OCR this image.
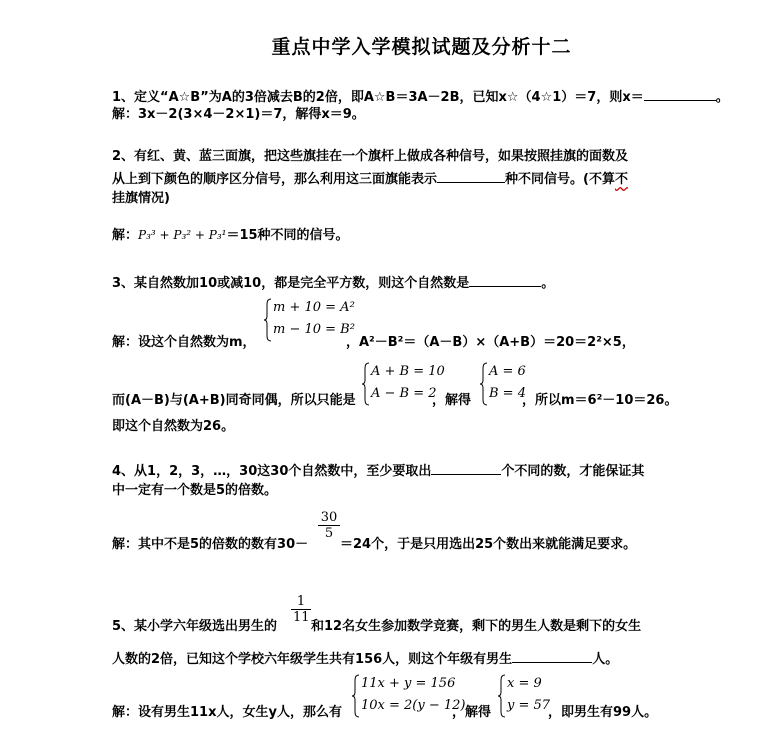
重点中学入学模拟试题及分析十二
1、定义“A☆B”为A的3倍减去B的2倍，即A☆B＝3A－2B，已知x☆（4☆1）＝7，则x＝	。
解：3x－2(3×4－2×1)＝7，解得x＝9。
2、有红、黄、蓝三面旗，把这些旗挂在一个旗杆上做成各种信号，如果按照挂旗的面数及
从上到下颜色的顺序区分信号，那么利用这三面旗能表示	种不同信号。(不算不
挂旗情况)
解：P₃³ + P₃² + P₃¹＝15种不同的信号。
3、某自然数加10或减10，都是完全平方数，则这个自然数是	。
解：设这个自然数为m，
m + 10 = A²
m − 10 = B²
，A²－B²＝（A－B）×（A+B）＝20＝2²×5，
而(A－B)与(A+B)同奇同偶，所以只能是
A + B = 10
A − B = 2
，解得
A = 6
B = 4
，所以m＝6²－10＝26。
即这个自然数为26。
4、从1，2，3，…，30这30个自然数中，至少要取出	个不同的数，才能保证其
中一定有一个数是5的倍数。
解：其中不是5的倍数的数有30－
30
5
＝24个，于是只用选出25个数出来就能满足要求。
5、某小学六年级选出男生的
1
11
和12名女生参加数学竞赛，剩下的男生人数是剩下的女生
人数的2倍，已知这个学校六年级学生共有156人，则这个年级有男生	人。
解：设有男生11x人，女生y人，那么有
11x + y = 156
10x = 2(y − 12)
，解得
x = 9
y = 57
，即男生有99人。
